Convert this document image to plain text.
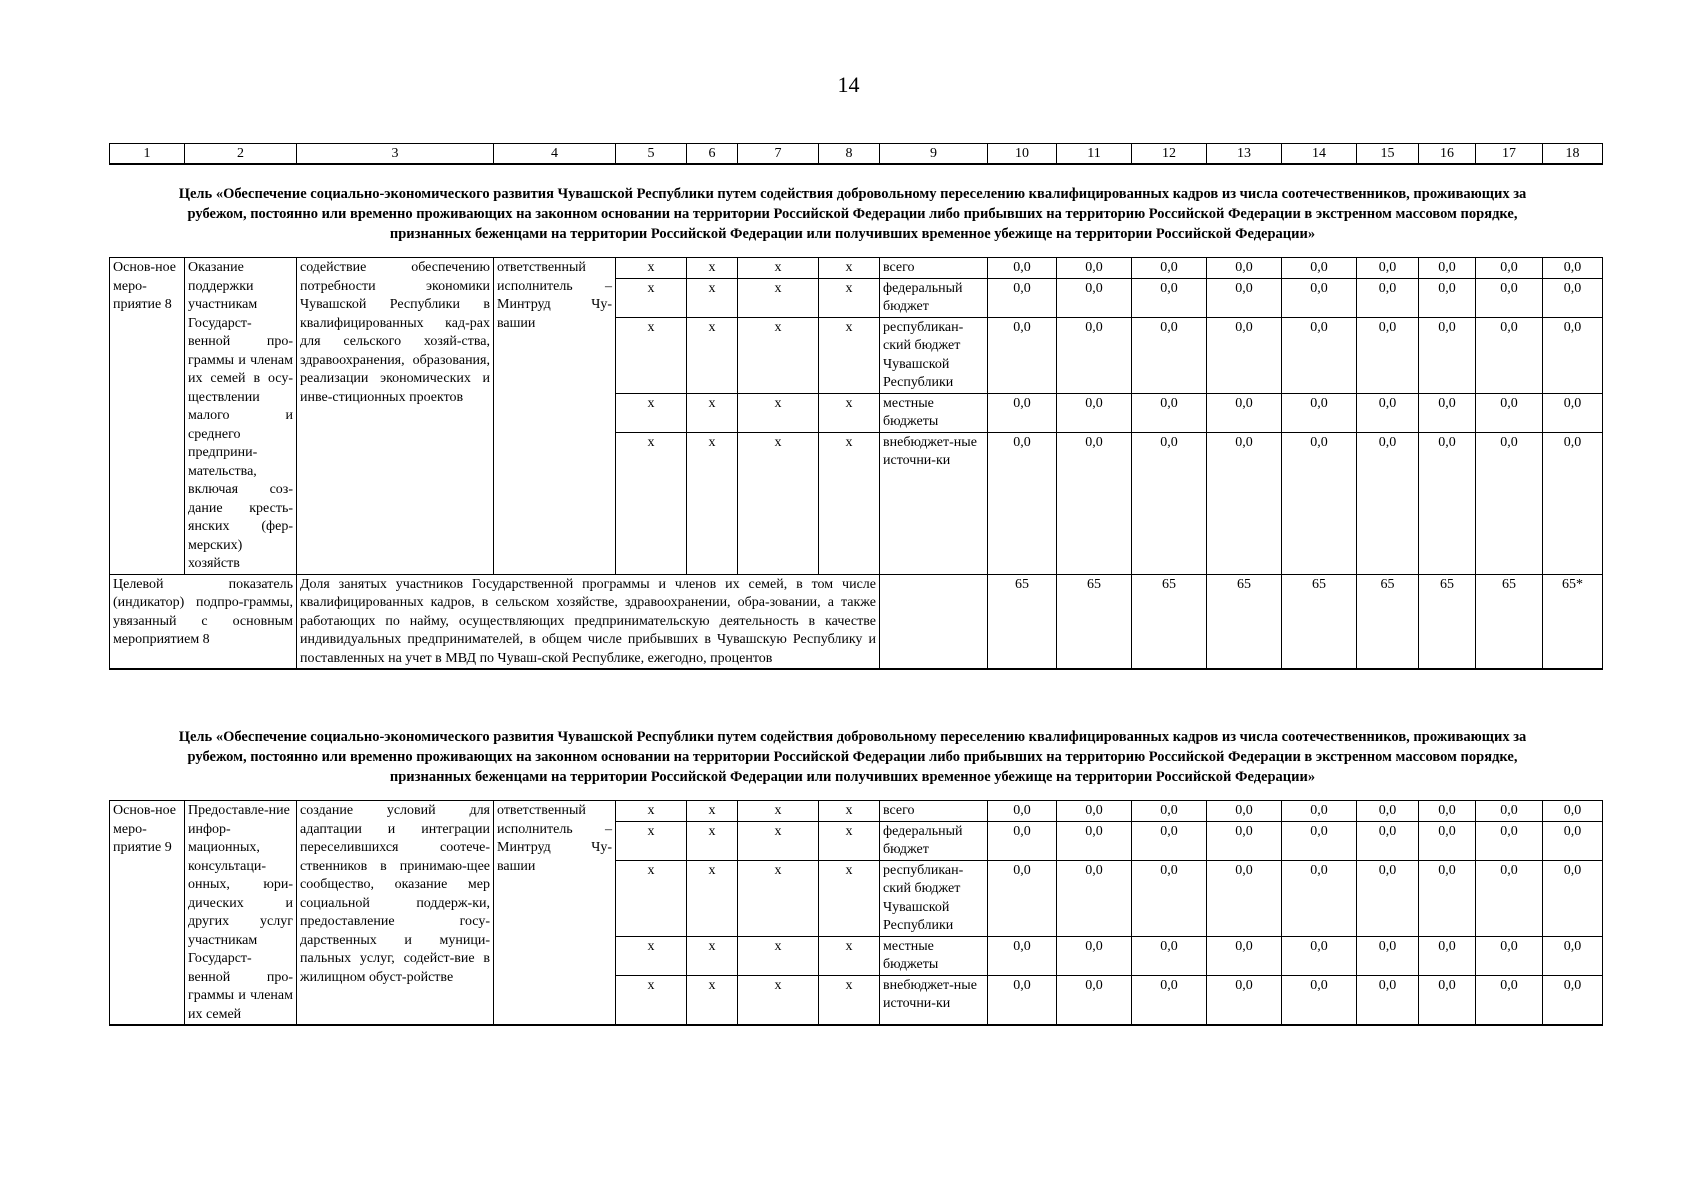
14
1	2	3	4	5	6	7	8	9	10	11	12	13	14	15	16	17	18
Цель «Обеспечение социально-экономического развития Чувашской Республики путем содействия добровольному переселению квалифицированных кадров из числа соотечественников, проживающих за рубежом, постоянно или временно проживающих на законном основании на территории Российской Федерации либо прибывших на территорию Российской Федерации в экстренном массовом порядке, признанных беженцами на территории Российской Федерации или получивших временное убежище на территории Российской Федерации»
Основ-ное меро-приятие 8	Оказание поддержки участникам Государст-венной про-граммы и членам их семей в осу-ществлении малого и среднего предприни-мательства, включая соз-дание кресть-янских (фер-мерских) хозяйств	содействие обеспечению потребности экономики Чувашской Республики в квалифицированных кад-рах для сельского хозяй-ства, здравоохранения, образования, реализации экономических и инве-стиционных проектов	ответственный исполнитель – Минтруд Чу-вашии	x	x	x	x	всего	0,0	0,0	0,0	0,0	0,0	0,0	0,0	0,0	0,0
				x	x	x	x	федеральный бюджет	0,0	0,0	0,0	0,0	0,0	0,0	0,0	0,0	0,0
				x	x	x	x	республикан-ский бюджет Чувашской Республики	0,0	0,0	0,0	0,0	0,0	0,0	0,0	0,0	0,0
				x	x	x	x	местные бюджеты	0,0	0,0	0,0	0,0	0,0	0,0	0,0	0,0	0,0
				x	x	x	x	внебюджет-ные источни-ки	0,0	0,0	0,0	0,0	0,0	0,0	0,0	0,0	0,0
Целевой показатель (индикатор) подпро-граммы, увязанный с основным мероприятием 8		Доля занятых участников Государственной программы и членов их семей, в том числе квалифицированных кадров, в сельском хозяйстве, здравоохранении, обра-зовании, а также работающих по найму, осуществляющих предпринимательскую деятельность в качестве индивидуальных предпринимателей, в общем числе прибывших в Чувашскую Республику и поставленных на учет в МВД по Чуваш-ской Республике, ежегодно, процентов							65	65	65	65	65	65	65	65	65*
Цель «Обеспечение социально-экономического развития Чувашской Республики путем содействия добровольному переселению квалифицированных кадров из числа соотечественников, проживающих за рубежом, постоянно или временно проживающих на законном основании на территории Российской Федерации либо прибывших на территорию Российской Федерации в экстренном массовом порядке, признанных беженцами на территории Российской Федерации или получивших временное убежище на территории Российской Федерации»
Основ-ное меро-приятие 9	Предоставле-ние инфор-мационных, консультаци-онных, юри-дических и других услуг участникам Государст-венной про-граммы и членам их семей	создание условий для адаптации и интеграции переселившихся соотече-ственников в принимаю-щее сообщество, оказание мер социальной поддерж-ки, предоставление госу-дарственных и муници-пальных услуг, содейст-вие в жилищном обуст-ройстве	ответственный исполнитель – Минтруд Чу-вашии	x	x	x	x	всего	0,0	0,0	0,0	0,0	0,0	0,0	0,0	0,0	0,0
				x	x	x	x	федеральный бюджет	0,0	0,0	0,0	0,0	0,0	0,0	0,0	0,0	0,0
				x	x	x	x	республикан-ский бюджет Чувашской Республики	0,0	0,0	0,0	0,0	0,0	0,0	0,0	0,0	0,0
				x	x	x	x	местные бюджеты	0,0	0,0	0,0	0,0	0,0	0,0	0,0	0,0	0,0
				x	x	x	x	внебюджет-ные источни-ки	0,0	0,0	0,0	0,0	0,0	0,0	0,0	0,0	0,0
